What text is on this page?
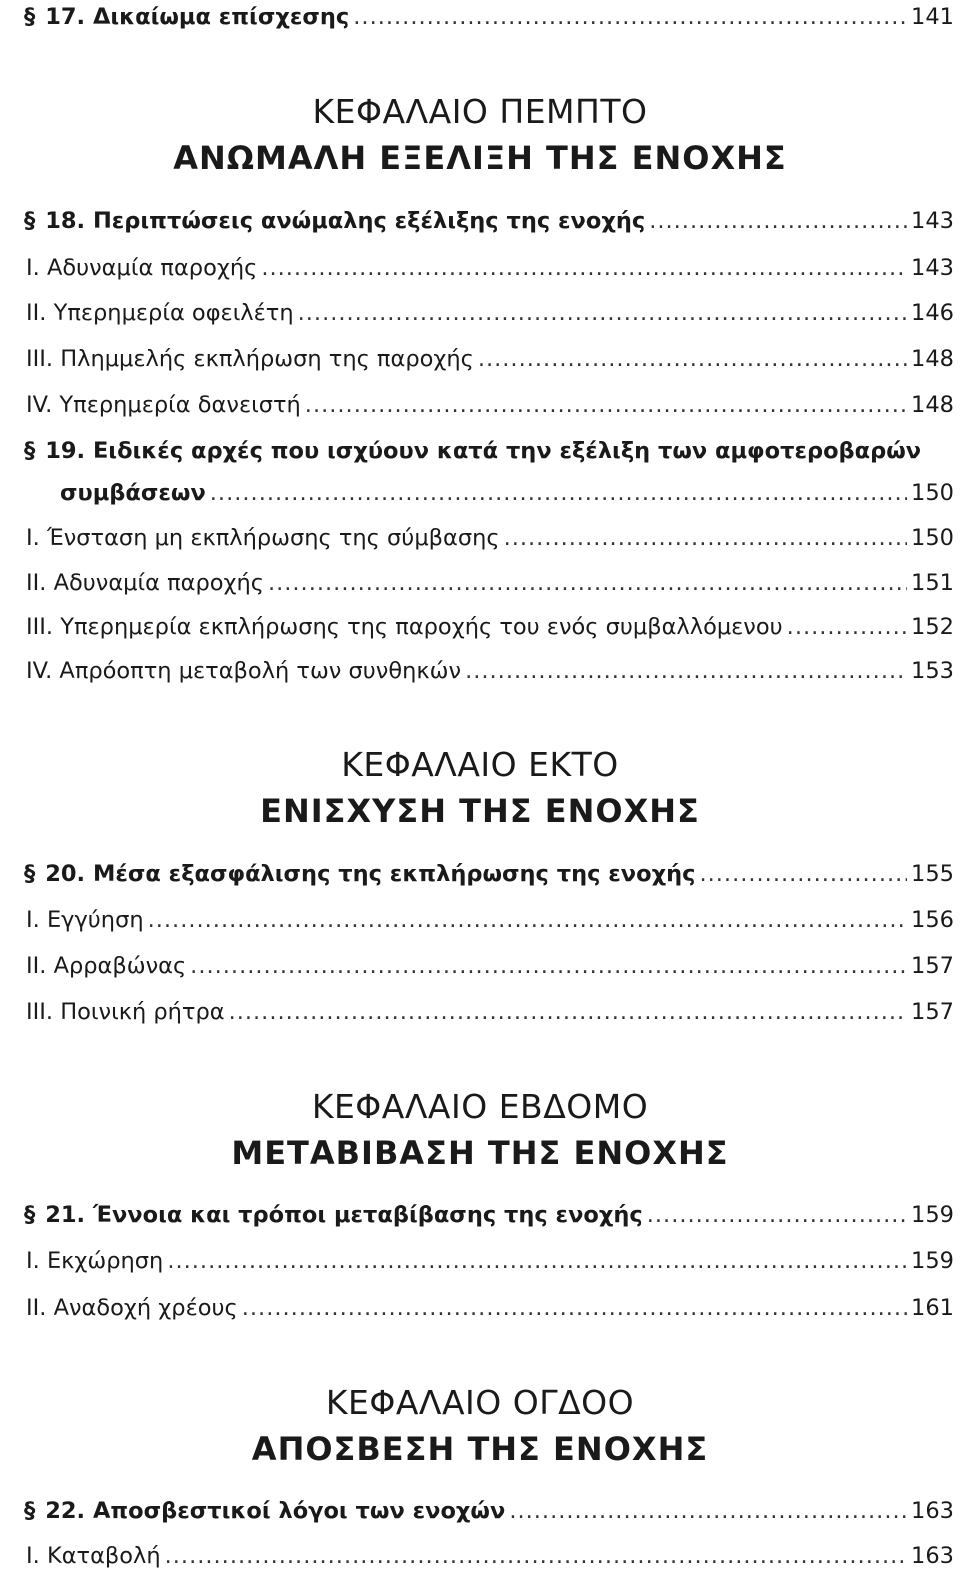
§ 17. Δικαίωμα επίσχεσης .....	141
ΚΕΦΑΛΑΙΟ ΠΕΜΠΤΟ
ΑΝΩΜΑΛΗ ΕΞΕΛΙΞΗ ΤΗΣ ΕΝΟΧΗΣ
§ 18. Περιπτώσεις ανώμαλης εξέλιξης της ενοχής .....	143
I. Αδυναμία παροχής .....	143
II. Υπερημερία οφειλέτη .....	146
III. Πλημμελής εκπλήρωση της παροχής .....	148
IV. Υπερημερία δανειστή .....	148
§ 19. Ειδικές αρχές που ισχύουν κατά την εξέλιξη των αμφοτεροβαρών
συμβάσεων .....	150
I. Ένσταση μη εκπλήρωσης της σύμβασης .....	150
II. Αδυναμία παροχής .....	151
III. Υπερημερία εκπλήρωσης της παροχής του ενός συμβαλλόμενου .....	152
IV. Απρόοπτη μεταβολή των συνθηκών .....	153
ΚΕΦΑΛΑΙΟ ΕΚΤΟ
ΕΝΙΣΧΥΣΗ ΤΗΣ ΕΝΟΧΗΣ
§ 20. Μέσα εξασφάλισης της εκπλήρωσης της ενοχής .....	155
I. Εγγύηση .....	156
II. Αρραβώνας .....	157
III. Ποινική ρήτρα .....	157
ΚΕΦΑΛΑΙΟ ΕΒΔΟΜΟ
ΜΕΤΑΒΙΒΑΣΗ ΤΗΣ ΕΝΟΧΗΣ
§ 21. Έννοια και τρόποι μεταβίβασης της ενοχής .....	159
I. Εκχώρηση .....	159
II. Αναδοχή χρέους .....	161
ΚΕΦΑΛΑΙΟ ΟΓΔΟΟ
ΑΠΟΣΒΕΣΗ ΤΗΣ ΕΝΟΧΗΣ
§ 22. Αποσβεστικοί λόγοι των ενοχών .....	163
I. Καταβολή .....	163
